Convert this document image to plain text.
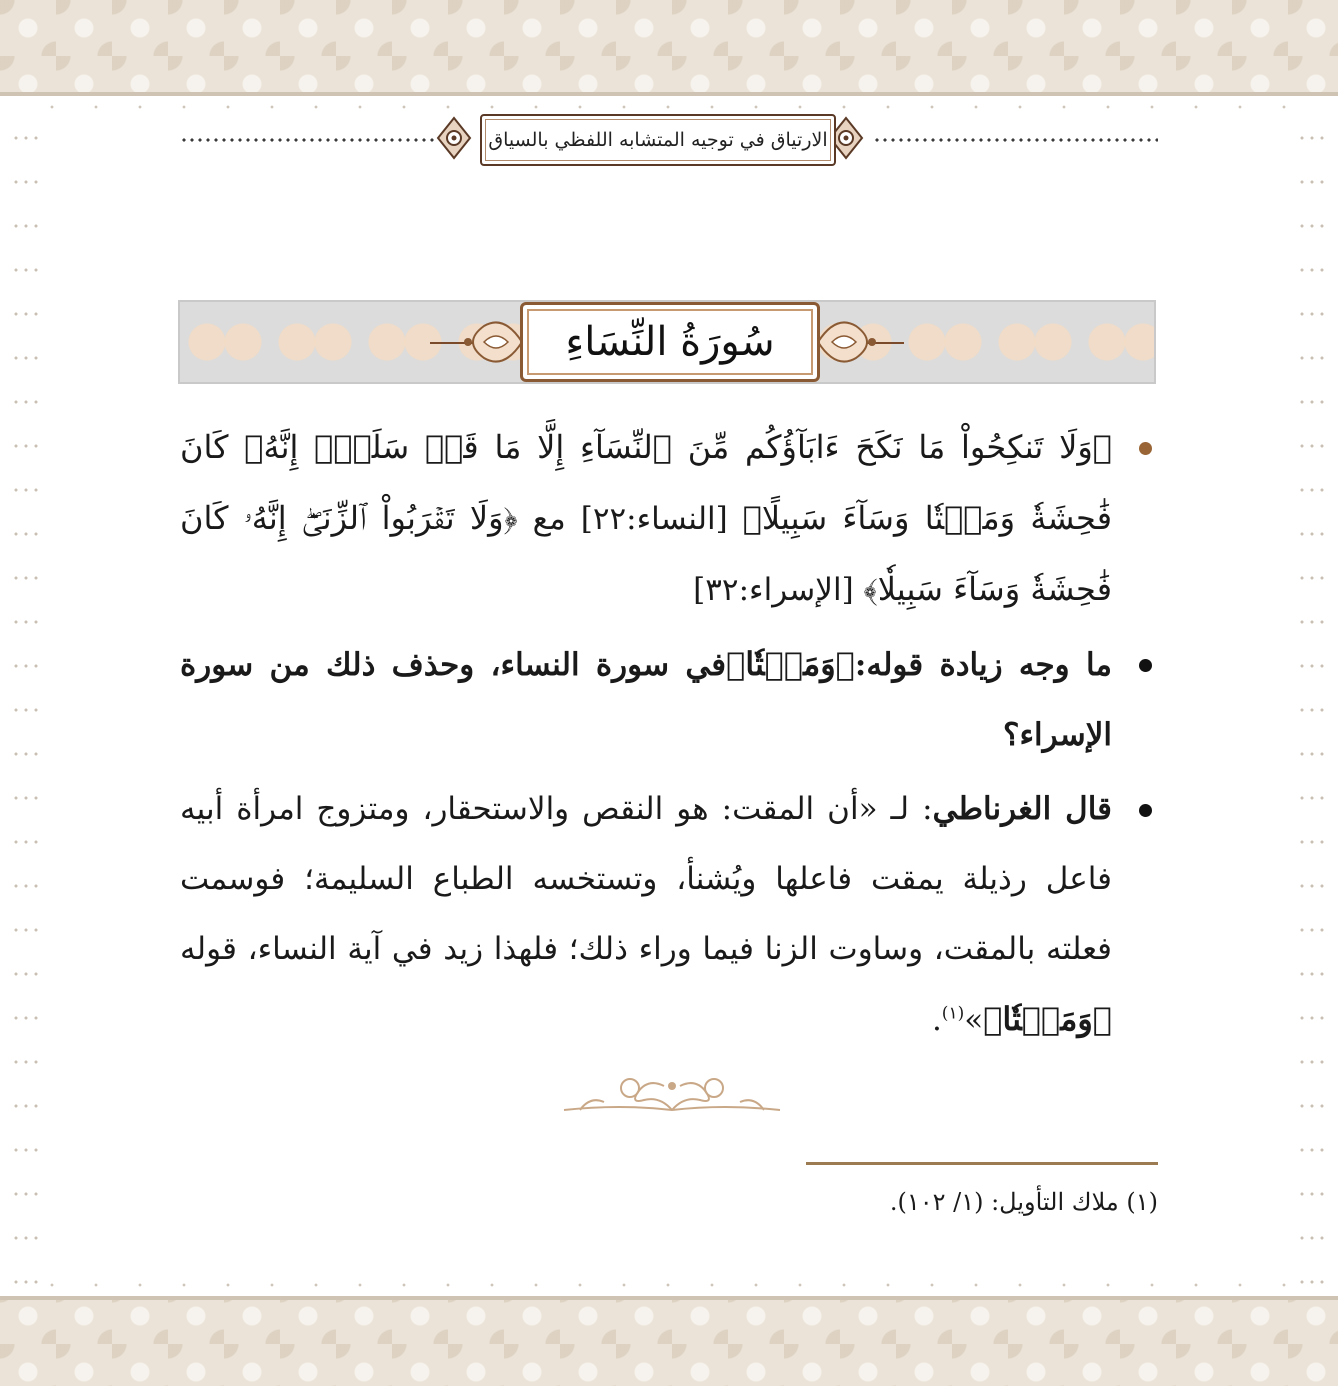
الارتياق في توجيه المتشابه اللفظي بالسياق
سُورَةُ النِّسَاءِ
﴿وَلَا تَنكِحُواْ مَا نَكَحَ ءَابَآؤُكُم مِّنَ ٱلنِّسَآءِ إِلَّا مَا قَدۡ سَلَفَۚ إِنَّهُۥ كَانَ فَٰحِشَةٗ وَمَقۡتٗا وَسَآءَ سَبِيلًا﴾ [النساء:٢٢] مع ﴿وَلَا تَقۡرَبُواْ ٱلزِّنَىٰٓۖ إِنَّهُۥ كَانَ فَٰحِشَةٗ وَسَآءَ سَبِيلٗا﴾ [الإسراء:٣٢]
ما وجه زيادة قوله:﴿وَمَقۡتٗا﴾في سورة النساء، وحذف ذلك من سورة الإسراء؟
قال الغرناطي: لـ «أن المقت: هو النقص والاستحقار، ومتزوج امرأة أبيه فاعل رذيلة يمقت فاعلها ويُشنأ، وتستخسه الطباع السليمة؛ فوسمت فعلته بالمقت، وساوت الزنا فيما وراء ذلك؛ فلهذا زيد في آية النساء، قوله ﴿وَمَقۡتٗا﴾»$^{(١)}$.
(١) ملاك التأويل: (١/ ١٠٢).
